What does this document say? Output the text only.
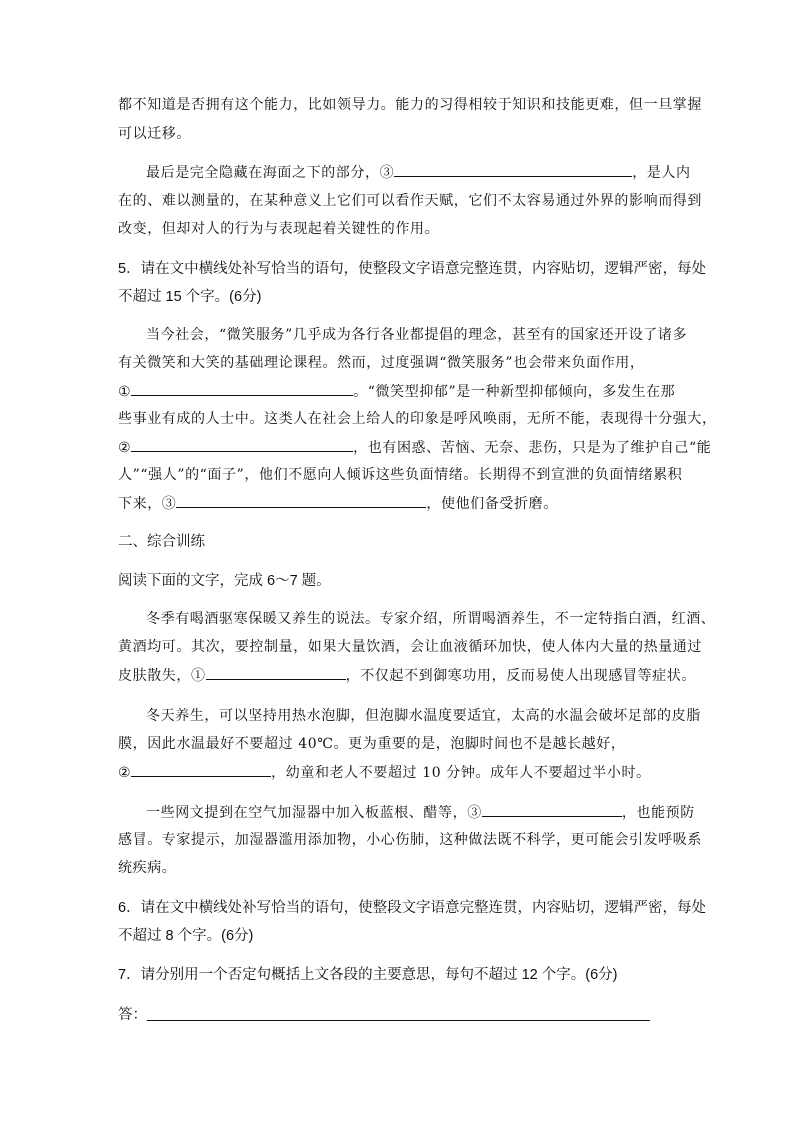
都不知道是否拥有这个能力，比如领导力。能力的习得相较于知识和技能更难，但一旦掌握
可以迁移。
最后是完全隐藏在海面之下的部分，③	，是人内
在的、难以测量的，在某种意义上它们可以看作天赋，它们不太容易通过外界的影响而得到
改变，但却对人的行为与表现起着关键性的作用。
5．请在文中横线处补写恰当的语句，使整段文字语意完整连贯，内容贴切，逻辑严密，每处
不超过 15 个字。(6分)
当今社会，“微笑服务”几乎成为各行各业都提倡的理念，甚至有的国家还开设了诸多
有关微笑和大笑的基础理论课程。然而，过度强调“微笑服务”也会带来负面作用，
①	。“微笑型抑郁”是一种新型抑郁倾向，多发生在那
些事业有成的人士中。这类人在社会上给人的印象是呼风唤雨，无所不能，表现得十分强大，
②	，也有困惑、苦恼、无奈、悲伤，只是为了维护自己“能
人”“强人”的“面子”，他们不愿向人倾诉这些负面情绪。长期得不到宣泄的负面情绪累积
下来，③	，使他们备受折磨。
二、综合训练
阅读下面的文字，完成 6～7 题。
冬季有喝酒驱寒保暖又养生的说法。专家介绍，所谓喝酒养生，不一定特指白酒，红酒、
黄酒均可。其次，要控制量，如果大量饮酒，会让血液循环加快，使人体内大量的热量通过
皮肤散失，①	，不仅起不到御寒功用，反而易使人出现感冒等症状。
冬天养生，可以坚持用热水泡脚，但泡脚水温度要适宜，太高的水温会破坏足部的皮脂
膜，因此水温最好不要超过 40℃。更为重要的是，泡脚时间也不是越长越好，
②	，幼童和老人不要超过 10 分钟。成年人不要超过半小时。
一些网文提到在空气加湿器中加入板蓝根、醋等，③	，也能预防
感冒。专家提示，加湿器滥用添加物，小心伤肺，这种做法既不科学，更可能会引发呼吸系
统疾病。
6．请在文中横线处补写恰当的语句，使整段文字语意完整连贯，内容贴切，逻辑严密，每处
不超过 8 个字。(6分)
7．请分别用一个否定句概括上文各段的主要意思，每句不超过 12 个字。(6分)
答：
